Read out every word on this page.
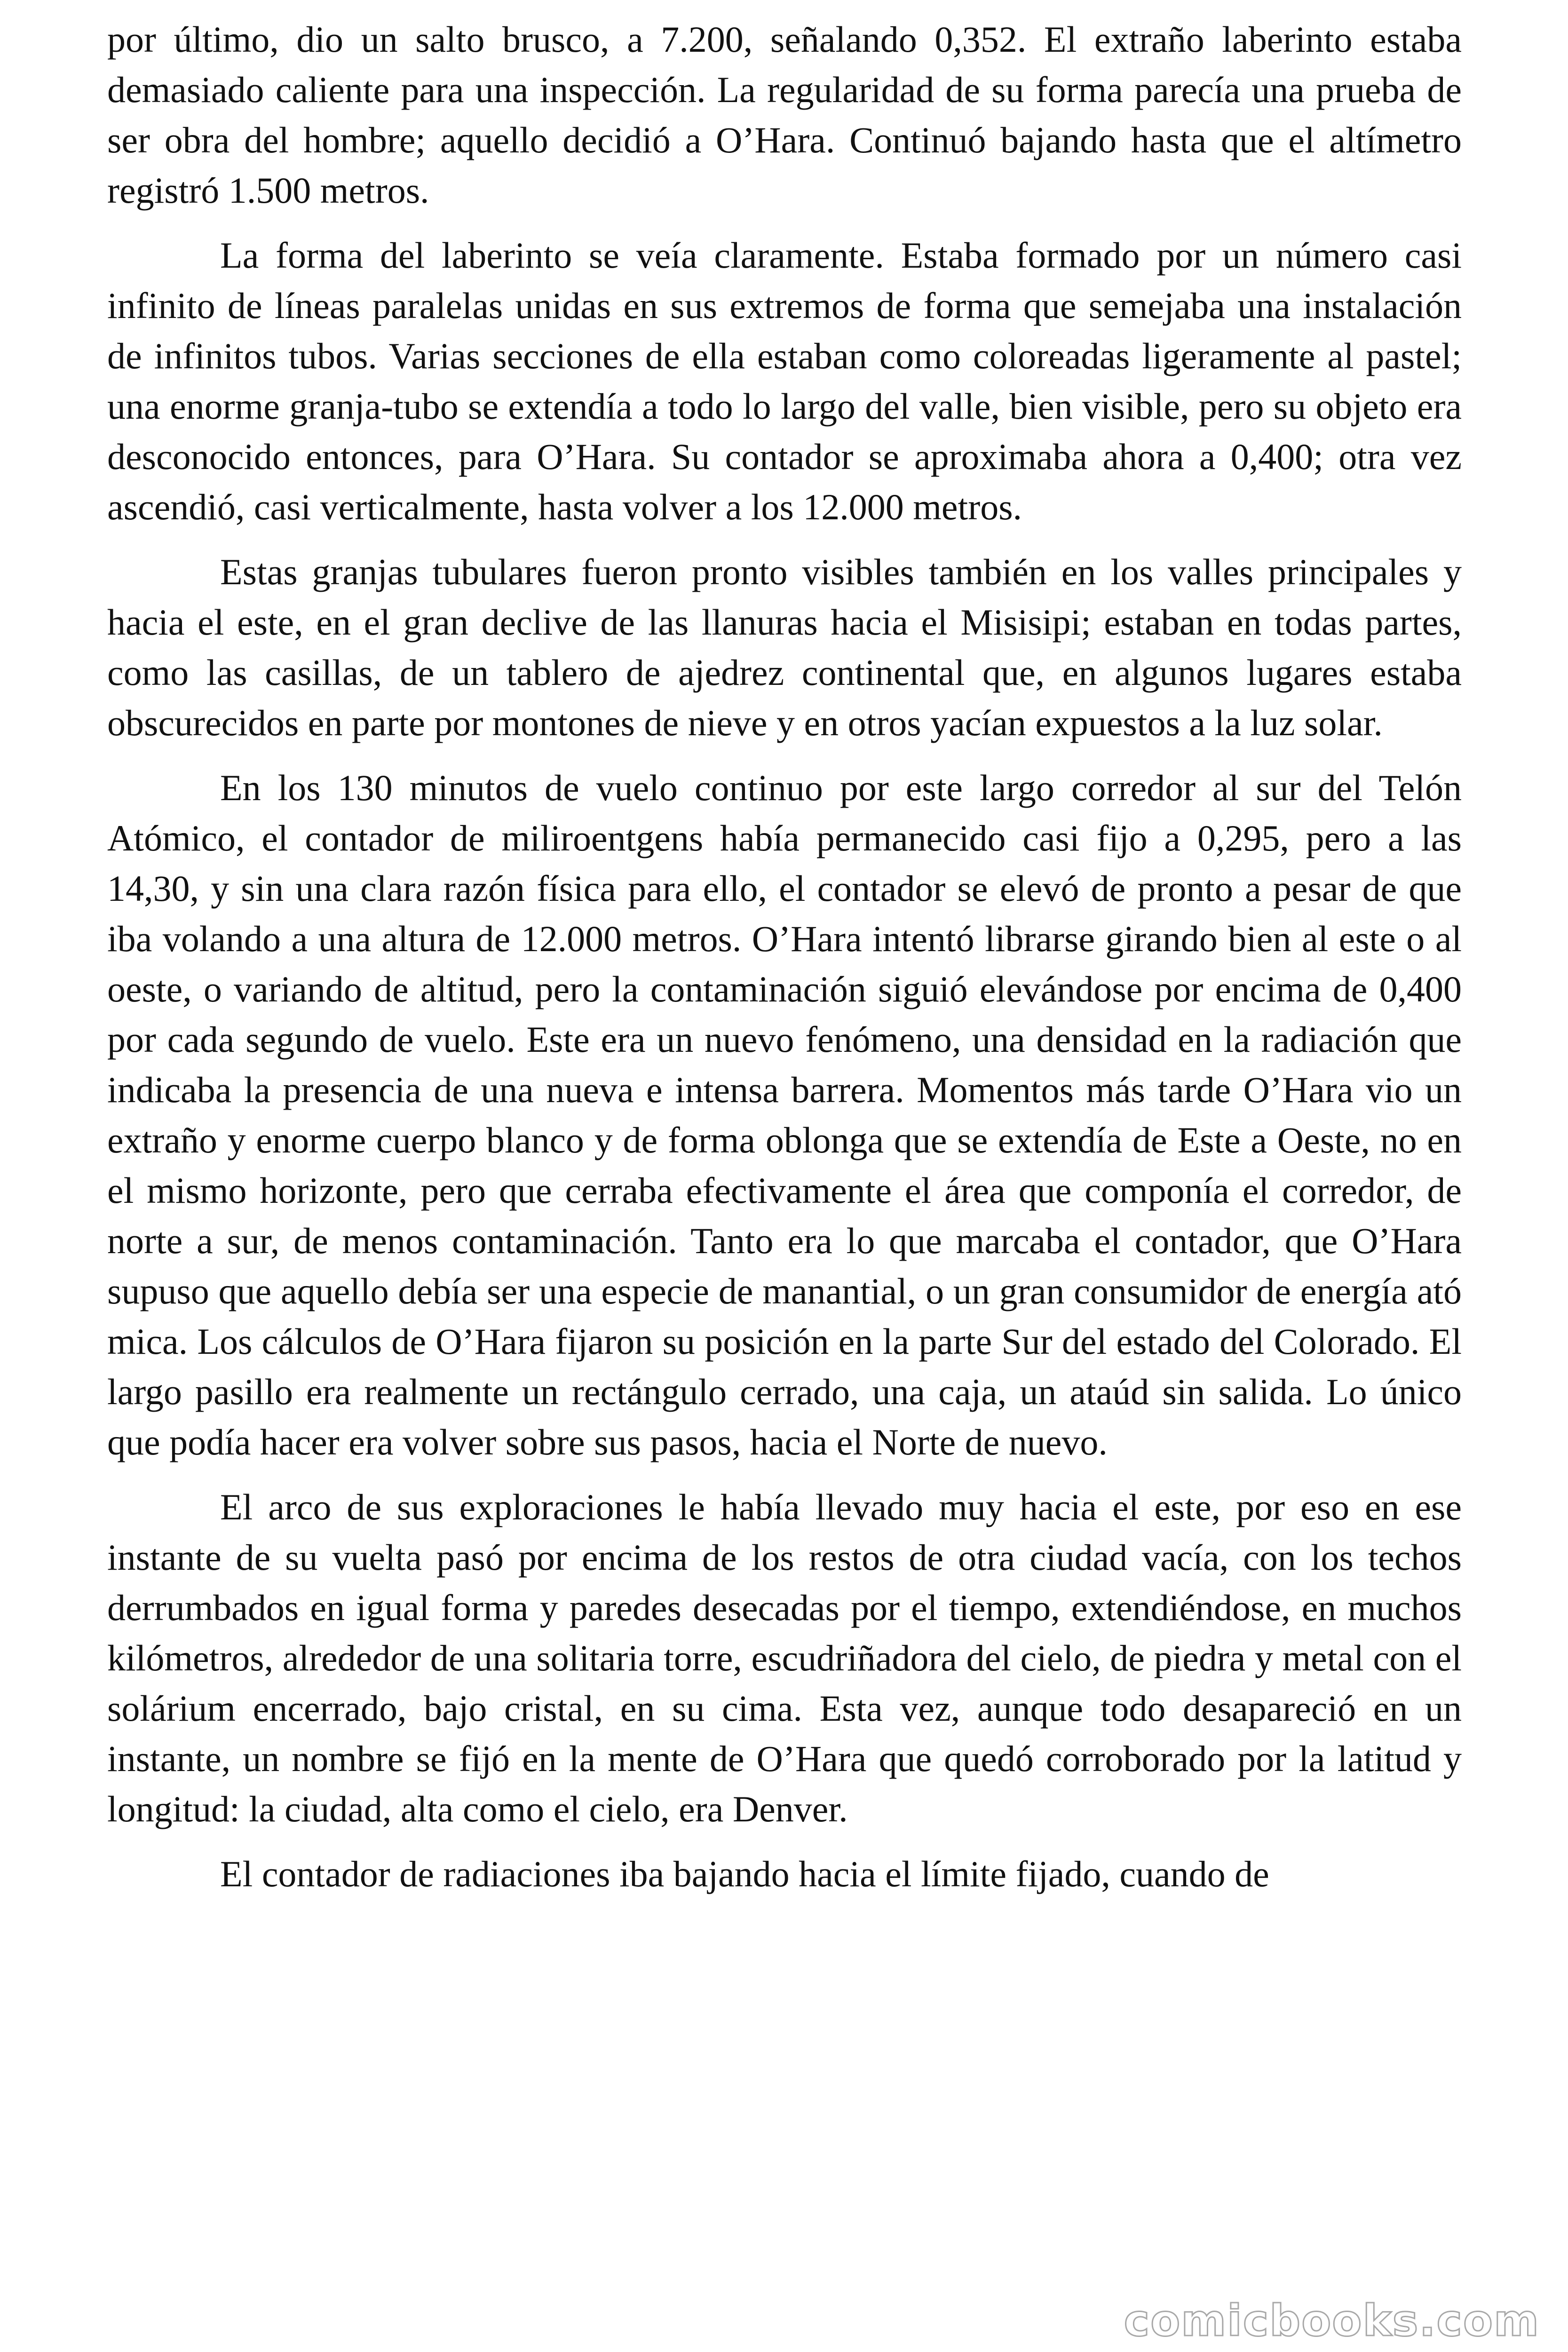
por último, dio un salto brusco, a 7.200, señalando 0,352. El extraño laberinto estaba demasiado caliente para una inspección. La regularidad de su forma parecía una prueba de ser obra del hombre; aquello decidió a O’Hara. Continuó bajando hasta que el altímetro registró 1.500 metros.

La forma del laberinto se veía claramente. Estaba formado por un número casi infinito de líneas paralelas unidas en sus extremos de forma que semejaba una instalación de infinitos tubos. Varias secciones de ella estaban como coloreadas ligeramente al pastel; una enorme granja-tubo se extendía a todo lo largo del valle, bien visible, pero su objeto era desconocido entonces, para O’Hara. Su contador se aproximaba ahora a 0,400; otra vez ascendió, casi verticalmente, hasta volver a los 12.000 metros.

Estas granjas tubulares fueron pronto visibles también en los valles principales y hacia el este, en el gran declive de las llanuras hacia el Misisipi; estaban en todas partes, como las casillas, de un tablero de ajedrez continental que, en algunos lugares estaba obscurecidos en parte por montones de nieve y en otros yacían expuestos a la luz solar.

En los 130 minutos de vuelo continuo por este largo corredor al sur del Telón Atómico, el contador de miliroentgens había permanecido casi fijo a 0,295, pero a las 14,30, y sin una clara razón física para ello, el contador se elevó de pronto a pesar de que iba volando a una altura de 12.000 metros. O’Hara intentó librarse girando bien al este o al oeste, o variando de altitud, pero la contaminación siguió elevándose por encima de 0,400 por cada segundo de vuelo. Este era un nuevo fenómeno, una densidad en la radiación que indicaba la presencia de una nueva e intensa barrera. Momentos más tarde O’Hara vio un extraño y enorme cuerpo blanco y de forma oblonga que se extendía de Este a Oeste, no en el mismo horizonte, pero que cerraba efectivamente el área que componía el corredor, de norte a sur, de menos contaminación. Tanto era lo que marcaba el contador, que O’Hara supuso que aquello debía ser una especie de manantial, o un gran consumidor de energía ató mica. Los cálculos de O’Hara fijaron su posición en la parte Sur del estado del Colorado. El largo pasillo era realmente un rectángulo cerrado, una caja, un ataúd sin salida. Lo único que podía hacer era volver sobre sus pasos, hacia el Norte de nuevo.

El arco de sus exploraciones le había llevado muy hacia el este, por eso en ese instante de su vuelta pasó por encima de los restos de otra ciudad vacía, con los techos derrumbados en igual forma y paredes desecadas por el tiempo, extendiéndose, en muchos kilómetros, alrededor de una solitaria torre, escudriñadora del cielo, de piedra y metal con el solárium encerrado, bajo cristal, en su cima. Esta vez, aunque todo desapareció en un instante, un nombre se fijó en la mente de O’Hara que quedó corroborado por la latitud y longitud: la ciudad, alta como el cielo, era Denver.

El contador de radiaciones iba bajando hacia el límite fijado, cuando de

comicbooks.com
